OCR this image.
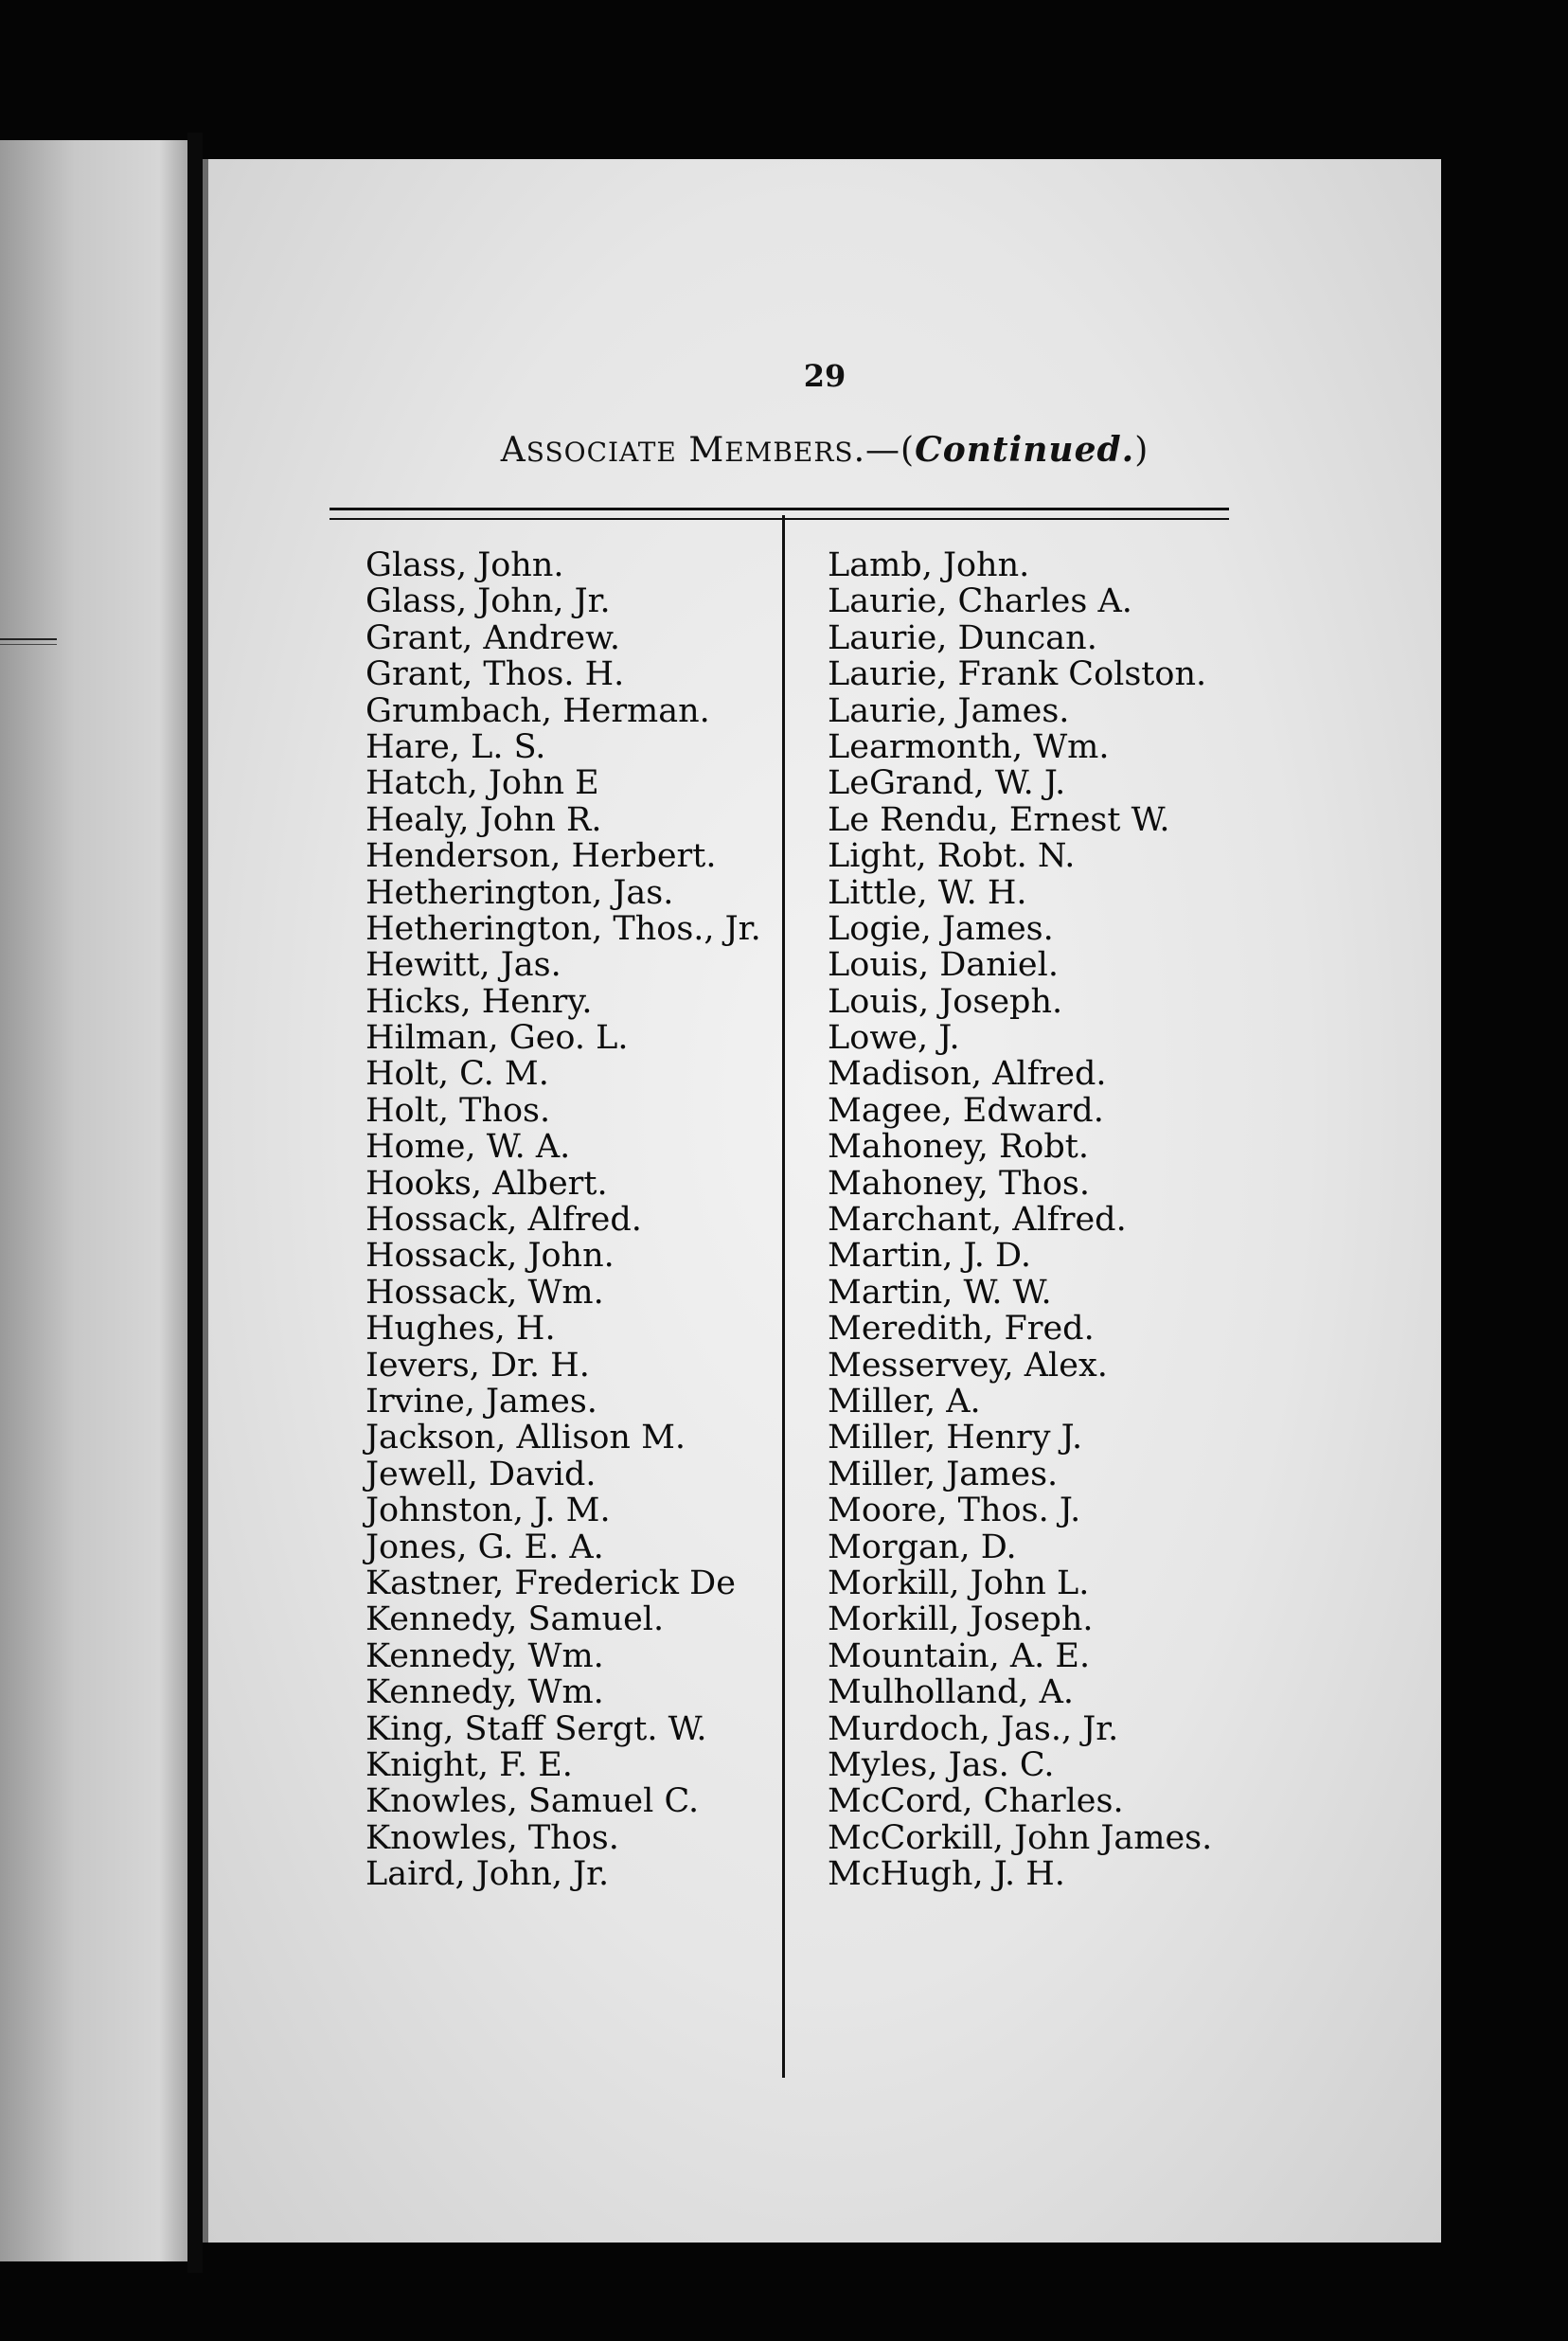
29
ASSOCIATE MEMBERS.—(Continued.)
Glass, John.
Glass, John, Jr.
Grant, Andrew.
Grant, Thos. H.
Grumbach, Herman.
Hare, L. S.
Hatch, John E
Healy, John R.
Henderson, Herbert.
Hetherington, Jas.
Hetherington, Thos., Jr.
Hewitt, Jas.
Hicks, Henry.
Hilman, Geo. L.
Holt, C. M.
Holt, Thos.
Home, W. A.
Hooks, Albert.
Hossack, Alfred.
Hossack, John.
Hossack, Wm.
Hughes, H.
Ievers, Dr. H.
Irvine, James.
Jackson, Allison M.
Jewell, David.
Johnston, J. M.
Jones, G. E. A.
Kastner, Frederick De
Kennedy, Samuel.
Kennedy, Wm.
Kennedy, Wm.
King, Staff Sergt. W.
Knight, F. E.
Knowles, Samuel C.
Knowles, Thos.
Laird, John, Jr.
Lamb, John.
Laurie, Charles A.
Laurie, Duncan.
Laurie, Frank Colston.
Laurie, James.
Learmonth, Wm.
LeGrand, W. J.
Le Rendu, Ernest W.
Light, Robt. N.
Little, W. H.
Logie, James.
Louis, Daniel.
Louis, Joseph.
Lowe, J.
Madison, Alfred.
Magee, Edward.
Mahoney, Robt.
Mahoney, Thos.
Marchant, Alfred.
Martin, J. D.
Martin, W. W.
Meredith, Fred.
Messervey, Alex.
Miller, A.
Miller, Henry J.
Miller, James.
Moore, Thos. J.
Morgan, D.
Morkill, John L.
Morkill, Joseph.
Mountain, A. E.
Mulholland, A.
Murdoch, Jas., Jr.
Myles, Jas. C.
McCord, Charles.
McCorkill, John James.
McHugh, J. H.
